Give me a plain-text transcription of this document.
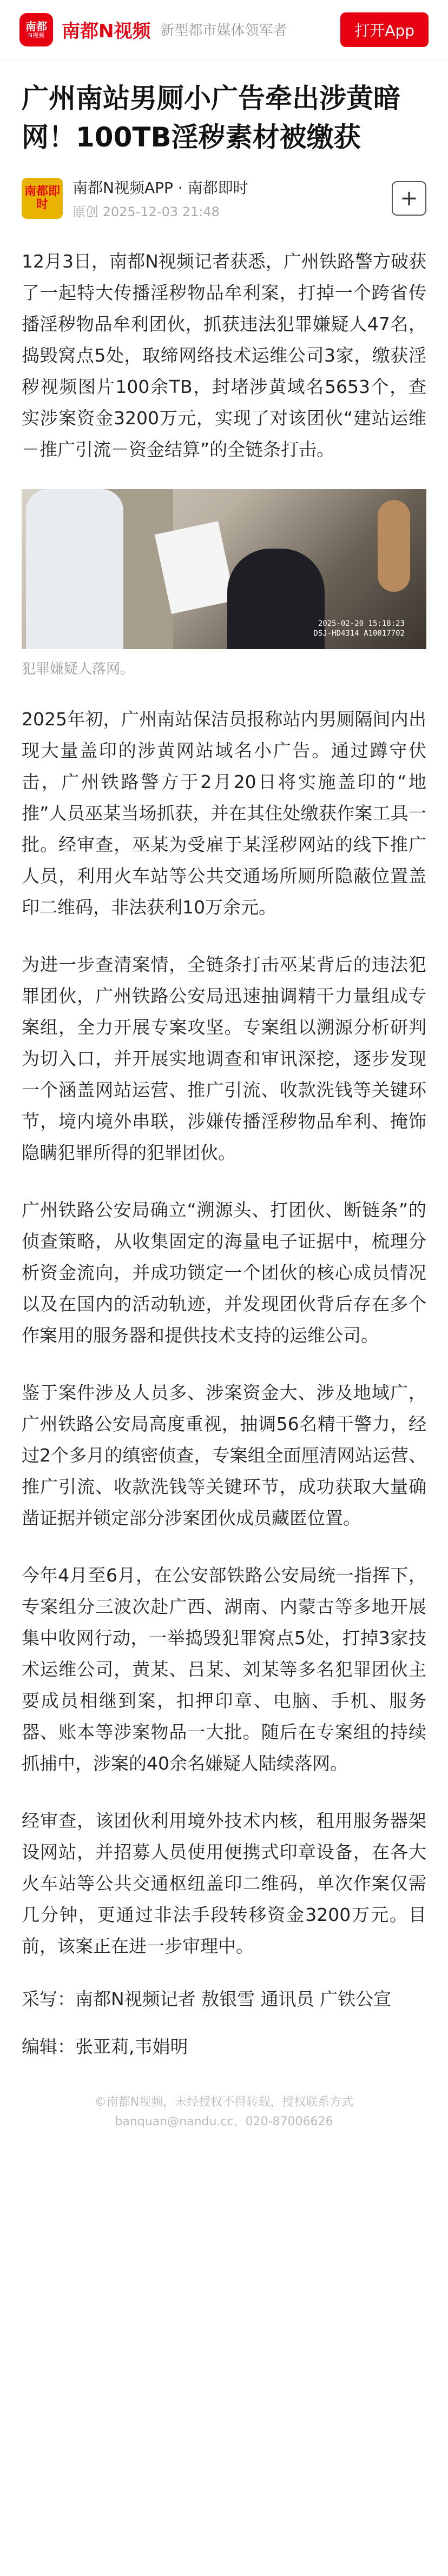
南都
N视频 南都N视频 新型都市媒体领军者	打开App
广州南站男厕小广告牵出涉黄暗网！100TB淫秽素材被缴获
南都即时
南都N视频APP · 南都即时
原创 2025-12-03 21:48
+

12月3日，南都N视频记者获悉，广州铁路警方破获了一起特大传播淫秽物品牟利案，打掉一个跨省传播淫秽物品牟利团伙，抓获违法犯罪嫌疑人47名，捣毁窝点5处，取缔网络技术运维公司3家，缴获淫秽视频图片100余TB，封堵涉黄域名5653个，查实涉案资金3200万元，实现了对该团伙“建站运维－推广引流－资金结算”的全链条打击。

2025-02-20 15:18:23
DSJ-HD4314 A10017702
犯罪嫌疑人落网。

2025年初，广州南站保洁员报称站内男厕隔间内出现大量盖印的涉黄网站域名小广告。通过蹲守伏击，广州铁路警方于2月20日将实施盖印的“地推”人员巫某当场抓获，并在其住处缴获作案工具一批。经审查，巫某为受雇于某淫秽网站的线下推广人员，利用火车站等公共交通场所厕所隐蔽位置盖印二维码，非法获利10万余元。

为进一步查清案情，全链条打击巫某背后的违法犯罪团伙，广州铁路公安局迅速抽调精干力量组成专案组，全力开展专案攻坚。专案组以溯源分析研判为切入口，并开展实地调查和审讯深挖，逐步发现一个涵盖网站运营、推广引流、收款洗钱等关键环节，境内境外串联，涉嫌传播淫秽物品牟利、掩饰隐瞒犯罪所得的犯罪团伙。

广州铁路公安局确立“溯源头、打团伙、断链条”的侦查策略，从收集固定的海量电子证据中，梳理分析资金流向，并成功锁定一个团伙的核心成员情况以及在国内的活动轨迹，并发现团伙背后存在多个作案用的服务器和提供技术支持的运维公司。

鉴于案件涉及人员多、涉案资金大、涉及地域广，广州铁路公安局高度重视，抽调56名精干警力，经过2个多月的缜密侦查，专案组全面厘清网站运营、推广引流、收款洗钱等关键环节，成功获取大量确凿证据并锁定部分涉案团伙成员藏匿位置。

今年4月至6月，在公安部铁路公安局统一指挥下，专案组分三波次赴广西、湖南、内蒙古等多地开展集中收网行动，一举捣毁犯罪窝点5处，打掉3家技术运维公司，黄某、吕某、刘某等多名犯罪团伙主要成员相继到案，扣押印章、电脑、手机、服务器、账本等涉案物品一大批。随后在专案组的持续抓捕中，涉案的40余名嫌疑人陆续落网。

经审查，该团伙利用境外技术内核，租用服务器架设网站，并招募人员使用便携式印章设备，在各大火车站等公共交通枢纽盖印二维码，单次作案仅需几分钟，更通过非法手段转移资金3200万元。目前，该案正在进一步审理中。

采写：南都N视频记者 敖银雪 通讯员 广铁公宣
编辑：张亚莉,韦娟明
©南都N视频，未经授权不得转载，授权联系方式
banquan@nandu.cc，020-87006626
